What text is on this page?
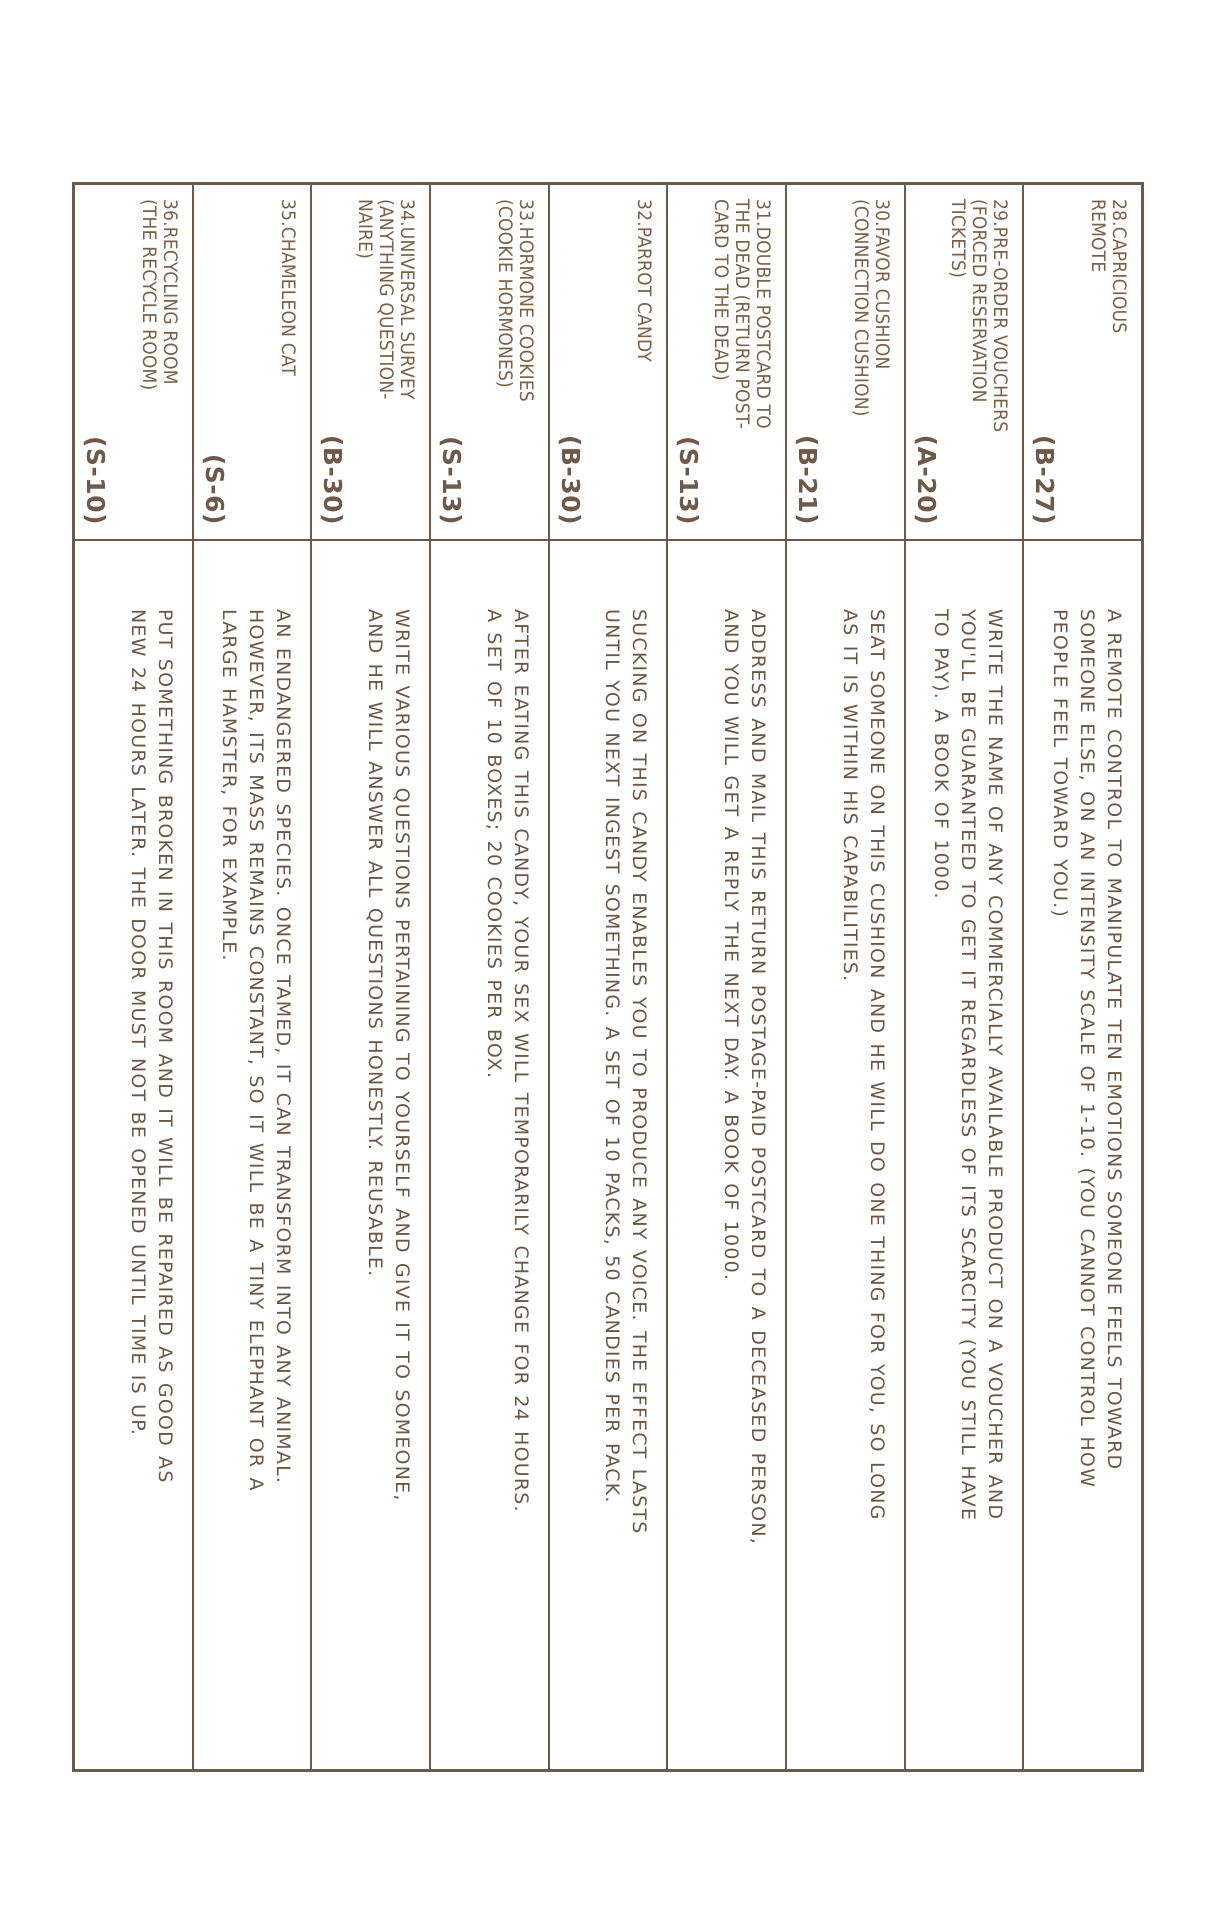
28.CAPRICIOUS
REMOTE
(B-27)
A REMOTE CONTROL TO MANIPULATE TEN EMOTIONS SOMEONE FEELS TOWARD
SOMEONE ELSE, ON AN INTENSITY SCALE OF 1-10. (YOU CANNOT CONTROL HOW
PEOPLE FEEL TOWARD YOU.)
29.PRE-ORDER VOUCHERS
(FORCED RESERVATION
TICKETS)
(A-20)
WRITE THE NAME OF ANY COMMERCIALLY AVAILABLE PRODUCT ON A VOUCHER AND
YOU'LL BE GUARANTEED TO GET IT REGARDLESS OF ITS SCARCITY (YOU STILL HAVE
TO PAY). A BOOK OF 1000.
30.FAVOR CUSHION
(CONNECTION CUSHION)
(B-21)
SEAT SOMEONE ON THIS CUSHION AND HE WILL DO ONE THING FOR YOU, SO LONG
AS IT IS WITHIN HIS CAPABILITIES.
31.DOUBLE POSTCARD TO
THE DEAD (RETURN POST-
CARD TO THE DEAD)
(S-13)
ADDRESS AND MAIL THIS RETURN POSTAGE-PAID POSTCARD TO A DECEASED PERSON,
AND YOU WILL GET A REPLY THE NEXT DAY. A BOOK OF 1000.
32.PARROT CANDY
(B-30)
SUCKING ON THIS CANDY ENABLES YOU TO PRODUCE ANY VOICE. THE EFFECT LASTS
UNTIL YOU NEXT INGEST SOMETHING. A SET OF 10 PACKS, 50 CANDIES PER PACK.
33.HORMONE COOKIES
(COOKIE HORMONES)
(S-13)
AFTER EATING THIS CANDY, YOUR SEX WILL TEMPORARILY CHANGE FOR 24 HOURS.
A SET OF 10 BOXES; 20 COOKIES PER BOX.
34.UNIVERSAL SURVEY
(ANYTHING QUESTION-
NAIRE)
(B-30)
WRITE VARIOUS QUESTIONS PERTAINING TO YOURSELF AND GIVE IT TO SOMEONE,
AND HE WILL ANSWER ALL QUESTIONS HONESTLY. REUSABLE.
35.CHAMELEON CAT
(S-6)
AN ENDANGERED SPECIES. ONCE TAMED, IT CAN TRANSFORM INTO ANY ANIMAL.
HOWEVER, ITS MASS REMAINS CONSTANT, SO IT WILL BE A TINY ELEPHANT OR A
LARGE HAMSTER, FOR EXAMPLE.
36.RECYCLING ROOM
(THE RECYCLE ROOM)
(S-10)
PUT SOMETHING BROKEN IN THIS ROOM AND IT WILL BE REPAIRED AS GOOD AS
NEW 24 HOURS LATER. THE DOOR MUST NOT BE OPENED UNTIL TIME IS UP.
